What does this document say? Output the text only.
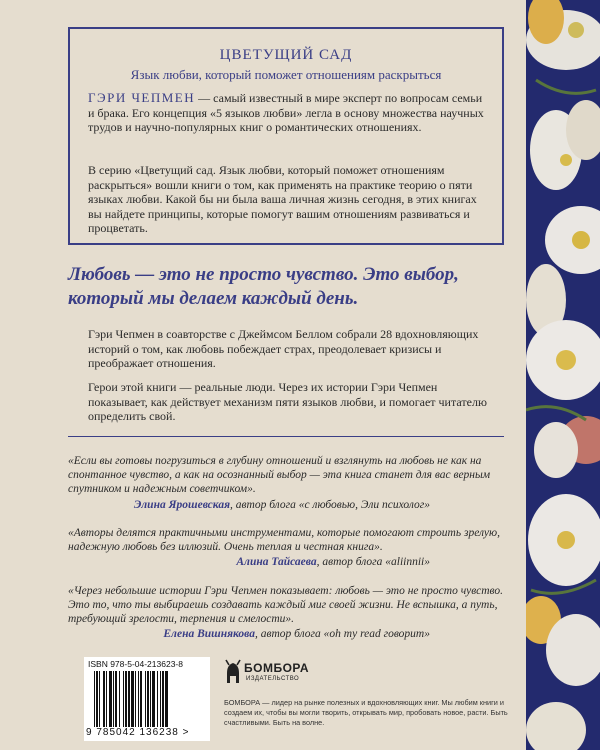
ЦВЕТУЩИЙ САД
Язык любви, который поможет отношениям раскрыться

ГЭРИ ЧЕПМЕН — самый известный в мире эксперт по вопросам семьи и брака. Его концепция «5 языков любви» легла в основу множества научных трудов и научно-популярных книг о романтических отношениях.

В серию «Цветущий сад. Язык любви, который поможет отношениям раскрыться» вошли книги о том, как применять на практике теорию о пяти языках любви. Какой бы ни была ваша личная жизнь сегодня, в этих книгах вы найдете принципы, которые помогут вашим отношениям развиваться и процветать.

Любовь — это не просто чувство. Это выбор, который мы делаем каждый день.

Гэри Чепмен в соавторстве с Джеймсом Беллом собрали 28 вдохновляющих историй о том, как любовь побеждает страх, преодолевает кризисы и преображает отношения.

Герои этой книги — реальные люди. Через их истории Гэри Чепмен показывает, как действует механизм пяти языков любви, и помогает читателю определить свой.

«Если вы готовы погрузиться в глубину отношений и взглянуть на любовь не как на спонтанное чувство, а как на осознанный выбор — эта книга станет для вас верным спутником и надежным советчиком».

Элина Ярошевская, автор блога «с любовью, Эли психолог»

«Авторы делятся практичными инструментами, которые помогают строить зрелую, надежную любовь без иллюзий. Очень теплая и честная книга».

Алина Тайсаева, автор блога «aliinnii»

«Через небольшие истории Гэри Чепмен показывает: любовь — это не просто чувство. Это то, что ты выбираешь создавать каждый миг своей жизни. Не вспышка, а путь, требующий зрелости, терпения и смелости».

Елена Вишнякова, автор блога «oh my read говорит»
ISBN 978-5-04-213623-8
9 785042 136238 >
БОМБОРА
ИЗДАТЕЛЬСТВО

БОМБОРА — лидер на рынке полезных и вдохновляющих книг. Мы любим книги и создаем их, чтобы вы могли творить, открывать мир, пробовать новое, расти. Быть счастливыми. Быть на волне.
